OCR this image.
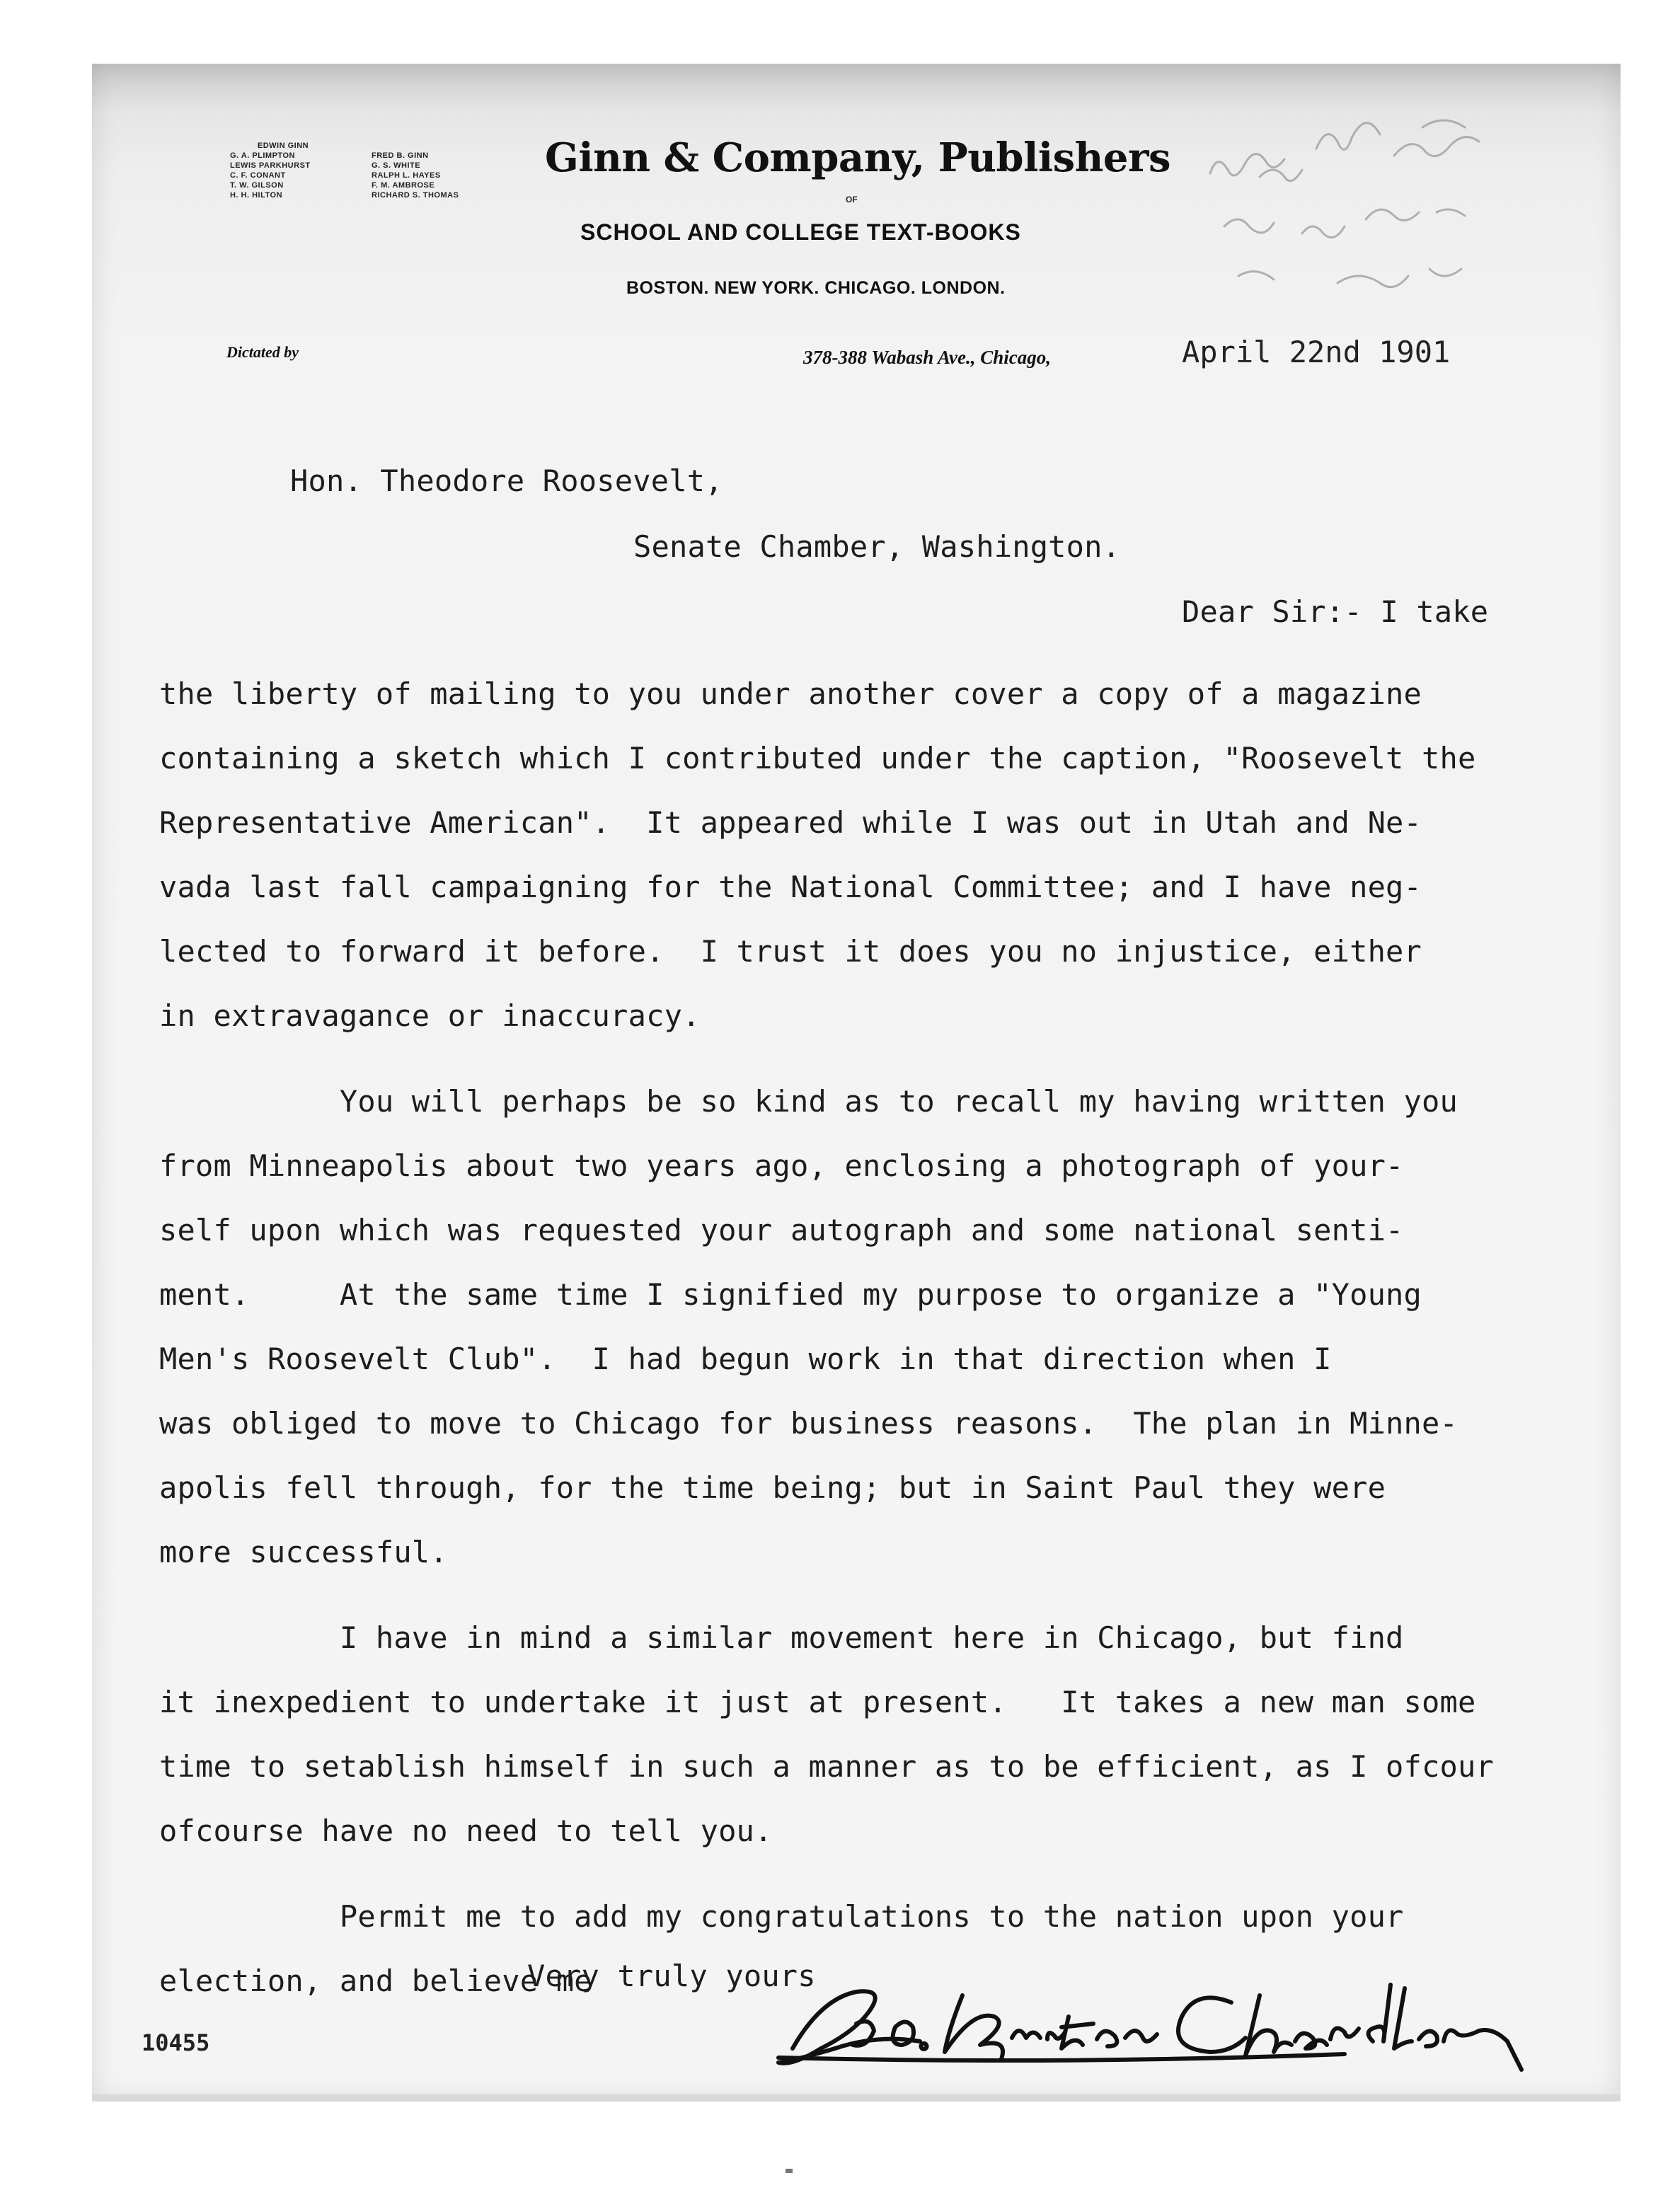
EDWIN GINN
G. A. PLIMPTON	FRED B. GINN
LEWIS PARKHURST	G. S. WHITE
C. F. CONANT	RALPH L. HAYES
T. W. GILSON	F. M. AMBROSE
H. H. HILTON	RICHARD S. THOMAS
Ginn & Company, Publishers
OF
SCHOOL AND COLLEGE TEXT-BOOKS
BOSTON. NEW YORK. CHICAGO. LONDON.
Dictated by	378-388 Wabash Ave., Chicago,	April 22nd 1901
Hon. Theodore Roosevelt,
Senate Chamber, Washington.
Dear Sir:- I take
the liberty of mailing to you under another cover a copy of a magazine
containing a sketch which I contributed under the caption, "Roosevelt the
Representative American".  It appeared while I was out in Utah and Ne-
vada last fall campaigning for the National Committee; and I have neg-
lected to forward it before.  I trust it does you no injustice, either
in extravagance or inaccuracy.
You will perhaps be so kind as to recall my having written you
from Minneapolis about two years ago, enclosing a photograph of your-
self upon which was requested your autograph and some national senti-
ment.     At the same time I signified my purpose to organize a "Young
Men's Roosevelt Club".  I had begun work in that direction when I
was obliged to move to Chicago for business reasons.  The plan in Minne-
apolis fell through, for the time being; but in Saint Paul they were
more successful.
I have in mind a similar movement here in Chicago, but find
it inexpedient to undertake it just at present.   It takes a new man some
time to setablish himself in such a manner as to be efficient, as I ofcour
ofcourse have no need to tell you.
Permit me to add my congratulations to the nation upon your
election, and believe me
Very truly yours
10455
